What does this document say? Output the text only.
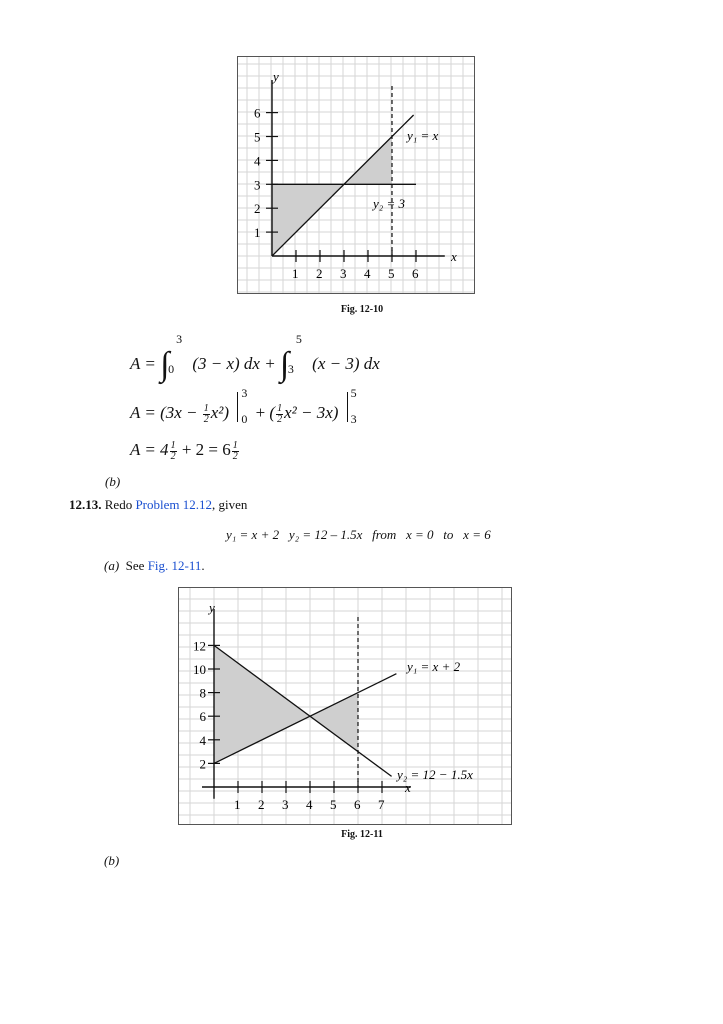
1
2
3
4
5
6
1 2 3 4 5 6
y
x
y₁ = x
y₂ = 3
Fig. 12-10
A = ∫
3
0 (3 − x) dx + ∫
5
3 (x − 3) dx
$A = (3x - \frac{1}{2} x^2)$
3
0 + ( $\frac{1}{2} x^2 - 3x$)
5
3
$A = 4 \frac{1}{2} + 2 = 6 \frac{1}{2}$
(b)
12.13. Redo Problem 12.12, given
y₁ = x + 2   y₂ = 12 – 1.5x   from   x = 0   to   x = 6
(a)  See Fig. 12-11.
2
4
6
8
10
12
1 2 3 4 5 6 7
y
x
y₁ = x + 2
y₂ = 12 − 1.5x
Fig. 12-11
(b)
